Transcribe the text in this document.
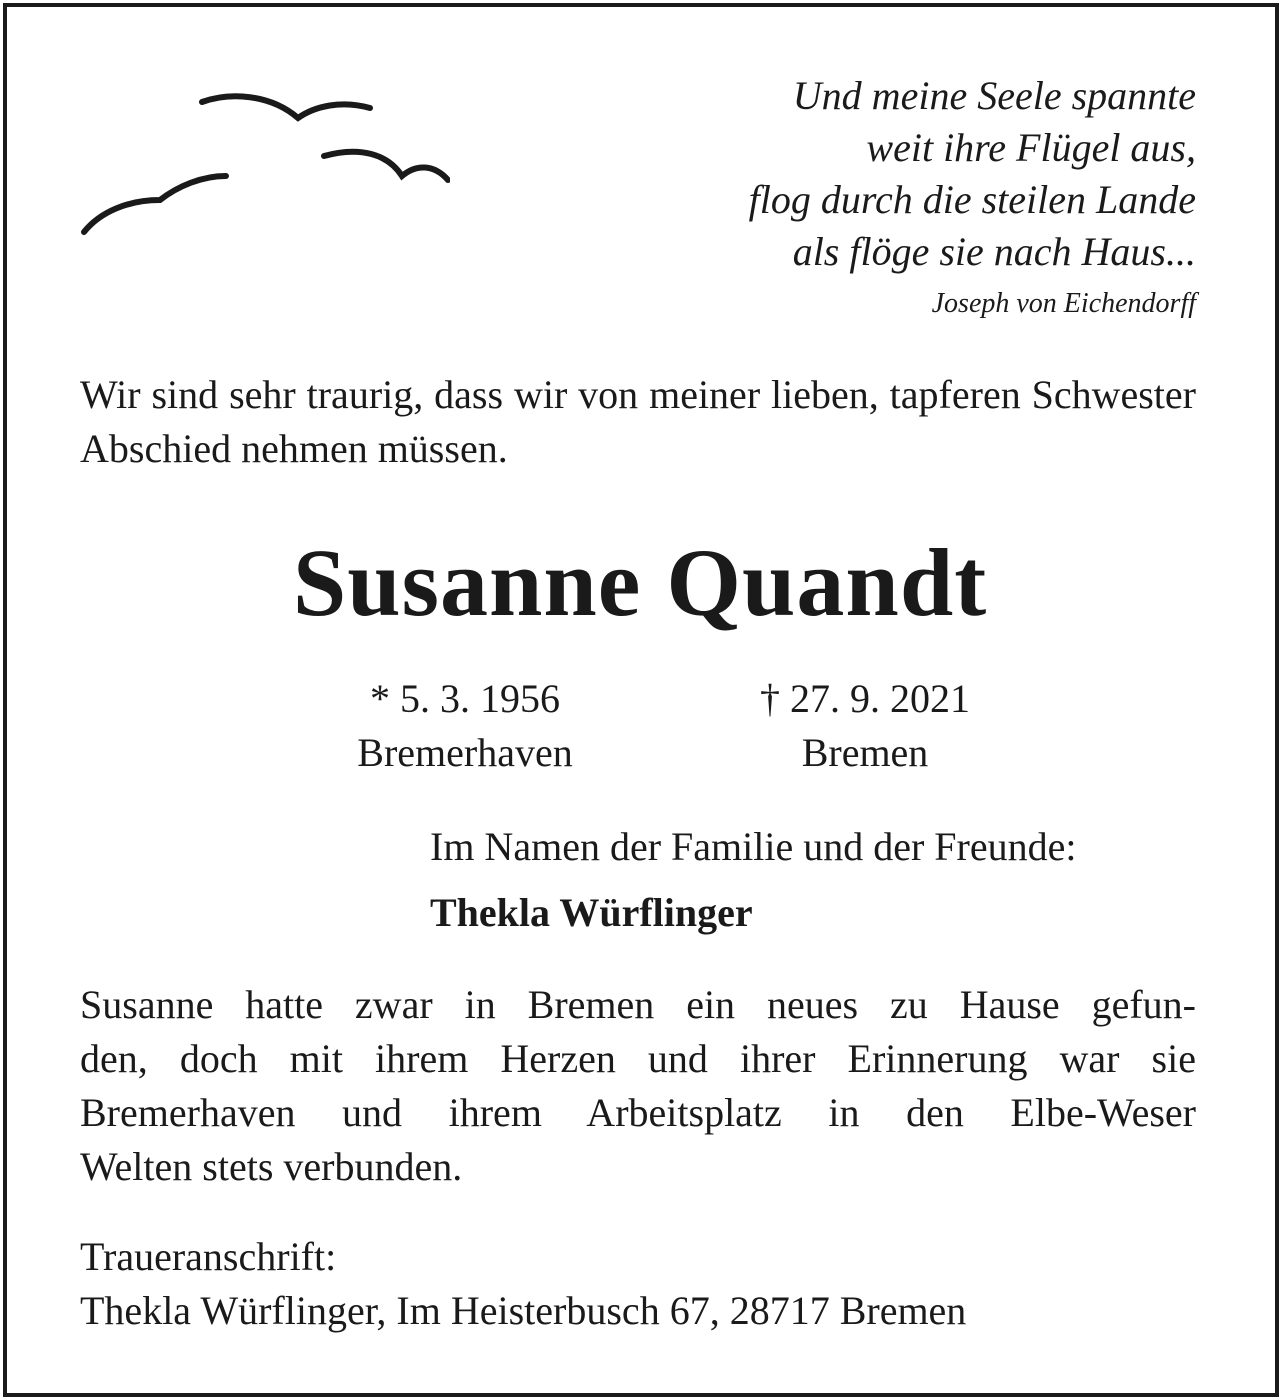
Und meine Seele spannte
weit ihre Flügel aus,
flog durch die steilen Lande
als flöge sie nach Haus...
Joseph von Eichendorff
Wir sind sehr traurig, dass wir von meiner lieben, tapferen Schwester Abschied nehmen müssen.
Susanne Quandt
* 5. 3. 1956
Bremerhaven
† 27. 9. 2021
Bremen
Im Namen der Familie und der Freunde:
Thekla Würflinger
Susanne hatte zwar in Bremen ein neues zu Hause gefun-
den, doch mit ihrem Herzen und ihrer Erinnerung war sie
Bremerhaven und ihrem Arbeitsplatz in den Elbe-Weser
Welten stets verbunden.
Traueranschrift:
Thekla Würflinger, Im Heisterbusch 67, 28717 Bremen
